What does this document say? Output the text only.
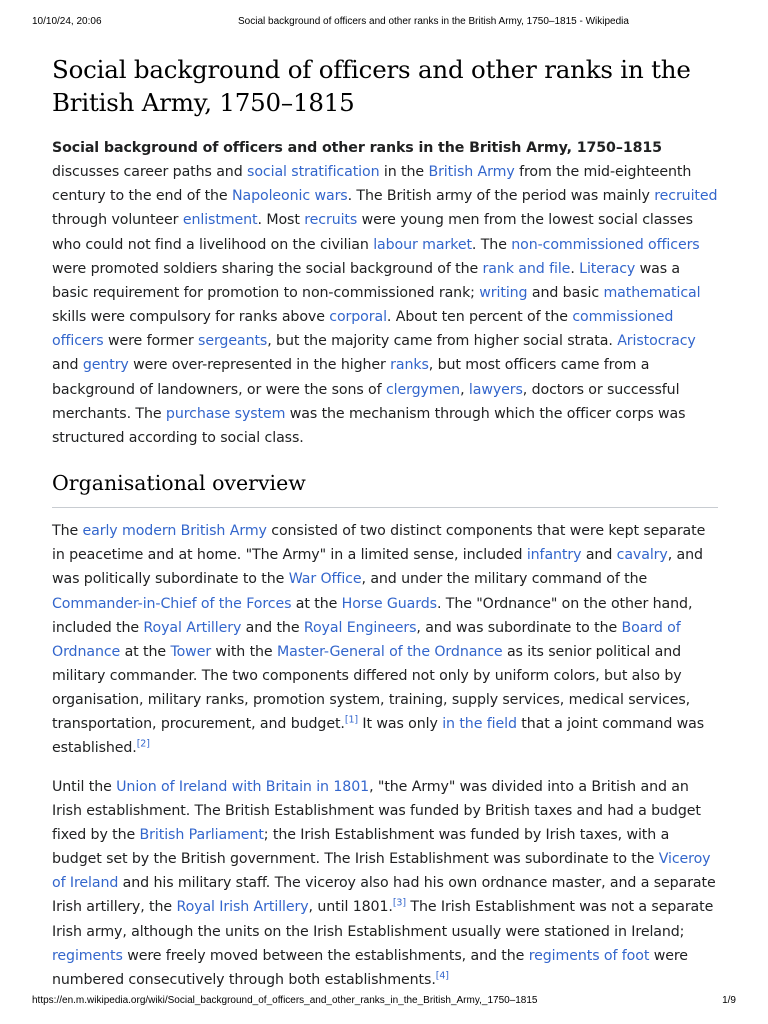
10/10/24, 20:06	Social background of officers and other ranks in the British Army, 1750–1815 - Wikipedia
Social background of officers and other ranks in the British Army, 1750–1815

Social background of officers and other ranks in the British Army, 1750–1815 discusses career paths and social stratification in the British Army from the mid-eighteenth century to the end of the Napoleonic wars. The British army of the period was mainly recruited through volunteer enlistment. Most recruits were young men from the lowest social classes who could not find a livelihood on the civilian labour market. The non-commissioned officers were promoted soldiers sharing the social background of the rank and file. Literacy was a basic requirement for promotion to non-commissioned rank; writing and basic mathematical skills were compulsory for ranks above corporal. About ten percent of the commissioned officers were former sergeants, but the majority came from higher social strata. Aristocracy and gentry were over-represented in the higher ranks, but most officers came from a background of landowners, or were the sons of clergymen, lawyers, doctors or successful merchants. The purchase system was the mechanism through which the officer corps was structured according to social class.

Organisational overview

The early modern British Army consisted of two distinct components that were kept separate in peacetime and at home. "The Army" in a limited sense, included infantry and cavalry, and was politically subordinate to the War Office, and under the military command of the Commander-in-Chief of the Forces at the Horse Guards. The "Ordnance" on the other hand, included the Royal Artillery and the Royal Engineers, and was subordinate to the Board of Ordnance at the Tower with the Master-General of the Ordnance as its senior political and military commander. The two components differed not only by uniform colors, but also by organisation, military ranks, promotion system, training, supply services, medical services, transportation, procurement, and budget.[1] It was only in the field that a joint command was established.[2]

Until the Union of Ireland with Britain in 1801, "the Army" was divided into a British and an Irish establishment. The British Establishment was funded by British taxes and had a budget fixed by the British Parliament; the Irish Establishment was funded by Irish taxes, with a budget set by the British government. The Irish Establishment was subordinate to the Viceroy of Ireland and his military staff. The viceroy also had his own ordnance master, and a separate Irish artillery, the Royal Irish Artillery, until 1801.[3] The Irish Establishment was not a separate Irish army, although the units on the Irish Establishment usually were stationed in Ireland; regiments were freely moved between the establishments, and the regiments of foot were numbered consecutively through both establishments.[4]

https://en.m.wikipedia.org/wiki/Social_background_of_officers_and_other_ranks_in_the_British_Army,_1750–1815	1/9
